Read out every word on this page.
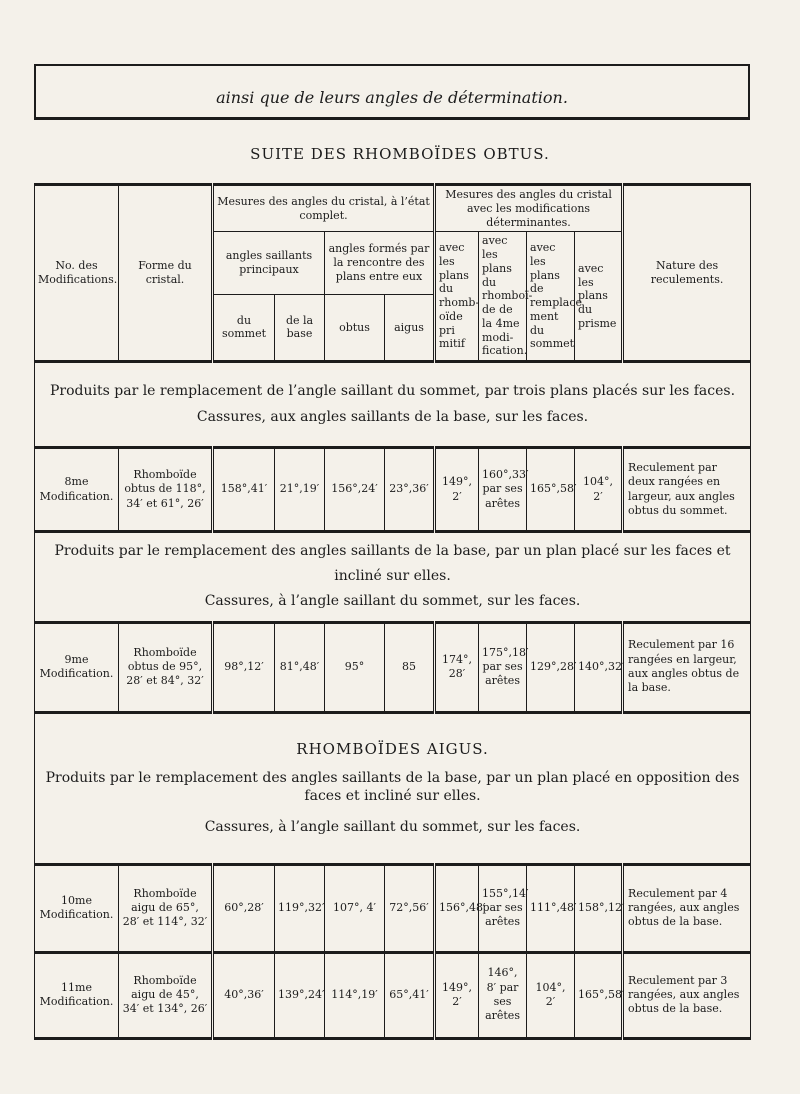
ainsi que de leurs angles de détermination.
SUITE DES RHOMBOÏDES OBTUS.
No. des Modifications.	Forme du cristal.	Mesures des angles du cristal, à l’état complet.				Mesures des angles du cristal avec les modifications déterminantes.				Nature des reculements.
		angles saillants principaux		angles formés par la rencontre des plans entre eux		avec les plans du rhomb-oïde pri mitif	avec les plans du rhomboï-de de la 4me modi-fication.	avec les plans de remplace ment du sommet	avec les plans du prisme	
		du sommet	de la base	obtus	aigus					

Produits par le remplacement de l’angle saillant du sommet, par trois plans placés sur les faces.
Cassures, aux angles saillants de la base, sur les faces.										

8me Modification.	Rhomboïde obtus de 118°, 34′ et 61°, 26′	158°,41′	21°,19′	156°,24′	23°,36′	149°, 2′	160°,33′ par ses arêtes	165°,58′	104°, 2′	Reculement par deux rangées en largeur, aux angles obtus du sommet.

Produits par le remplacement des angles saillants de la base, par un plan placé sur les faces et incliné sur elles.
Cassures, à l’angle saillant du sommet, sur les faces.										

9me Modification.	Rhomboïde obtus de 95°, 28′ et 84°, 32′	98°,12′	81°,48′	95°	85	174°, 28′	175°,18′ par ses arêtes	129°,28′	140°,32′	Reculement par 16 rangées en largeur, aux angles obtus de la base.

RHOMBOÏDES AIGUS.
Produits par le remplacement des angles saillants de la base, par un plan placé en opposition des faces et incliné sur elles.
Cassures, à l’angle saillant du sommet, sur les faces.										

10me Modification.	Rhomboïde aigu de 65°, 28′ et 114°, 32′	60°,28′	119°,32′	107°, 4′	72°,56′	156°,48′	155°,14′ par ses arêtes	111°,48′	158°,12′	Reculement par 4 rangées, aux angles obtus de la base.
11me Modification.	Rhomboïde aigu de 45°, 34′ et 134°, 26′	40°,36′	139°,24′	114°,19′	65°,41′	149°, 2′	146°, 8′ par ses arêtes	104°, 2′	165°,58′	Reculement par 3 rangées, aux angles obtus de la base.
